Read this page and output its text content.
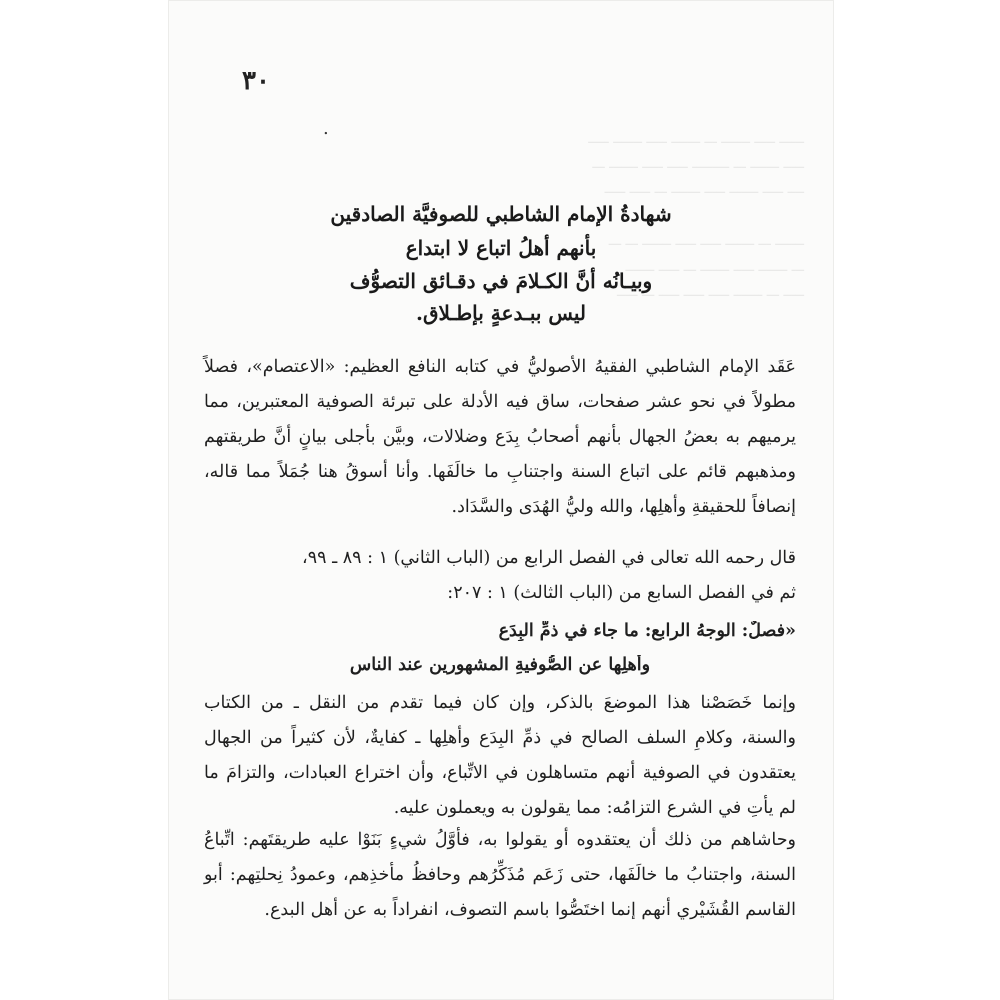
ــــــ ـــــ ـــــــ ـــ ـــــــ ـــــ ـــــــ ـــــ
ـــــ ـــــــ ـــ ـــــــــ ـــــ ـــــ ـــــــ ـــ
ــــ ـــــ ـــــــ ـــــ ـــــــ ـــ ـــــ ـــــ
ـــــــ ـــ ـــــــ ـــــ ـــــ ـــــــ ـــ ـــ
ـــ ـــــــ ـــــ ـــــــ ـــ ـــــ ـــــــ
ـــــ ـــ ـــــــ ـــــ ـــــ ـــــ ـــ ـــــ
٣٠
.
شهادةُ الإمام الشاطبي للصوفيَّة الصادقين
بأنهم أهلُ اتباع لا ابتداع
وبيـانُه أنَّ الكـلامَ في دقـائق التصوُّف
ليس ببـدعةٍ بإطـلاق.
عَقَد الإمام الشاطبي الفقيهُ الأصوليُّ في كتابه النافع العظيم: «الاعتصام»، فصلاً مطولاً في نحو عشر صفحات، ساق فيه الأدلة على تبرئة الصوفية المعتبرين، مما يرميهم به بعضُ الجهال بأنهم أصحابُ بِدَع وضلالات، وبيَّن بأجلى بيانٍ أنَّ طريقتهم ومذهبهم قائم على اتباع السنة واجتنابِ ما خالَفَها. وأنا أسوقُ هنا جُمَلاً مما قاله، إنصافاً للحقيقةِ وأهلِها، والله وليُّ الهُدَى والسَّدَاد.
قال رحمه الله تعالى في الفصل الرابع من (الباب الثاني) ١ : ٨٩ ـ ٩٩،
ثم في الفصل السابع من (الباب الثالث) ١ : ٢٠٧:
«فصلٌ: الوجهُ الرابع: ما جاء في ذمِّ البِدَع
وأهلِها عن الصُّوفيةِ المشهورين عند الناس
وإنما خَصَصْنا هذا الموضعَ بالذكر، وإن كان فيما تقدم من النقل ـ من الكتاب والسنة، وكلامِ السلف الصالح في ذمِّ البِدَع وأهلِها ـ كفايةٌ، لأن كثيراً من الجهال يعتقدون في الصوفية أنهم متساهلون في الاتِّباع، وأن اختراع العبادات، والتزامَ ما لم يأتِ في الشرع التزامُه: مما يقولون به ويعملون عليه.
وحاشاهم من ذلك أن يعتقدوه أو يقولوا به، فأوَّلُ شيءٍ بَنَوْا عليه طريقتَهم: اتِّباعُ السنة، واجتنابُ ما خالَفَها، حتى زَعَم مُذَكِّرُهم وحافظُ مأخذِهم، وعمودُ نِحلتِهم: أبو القاسم القُشَيْري أنهم إنما اختَصُّوا باسم التصوف، انفراداً به عن أهل البدع.
